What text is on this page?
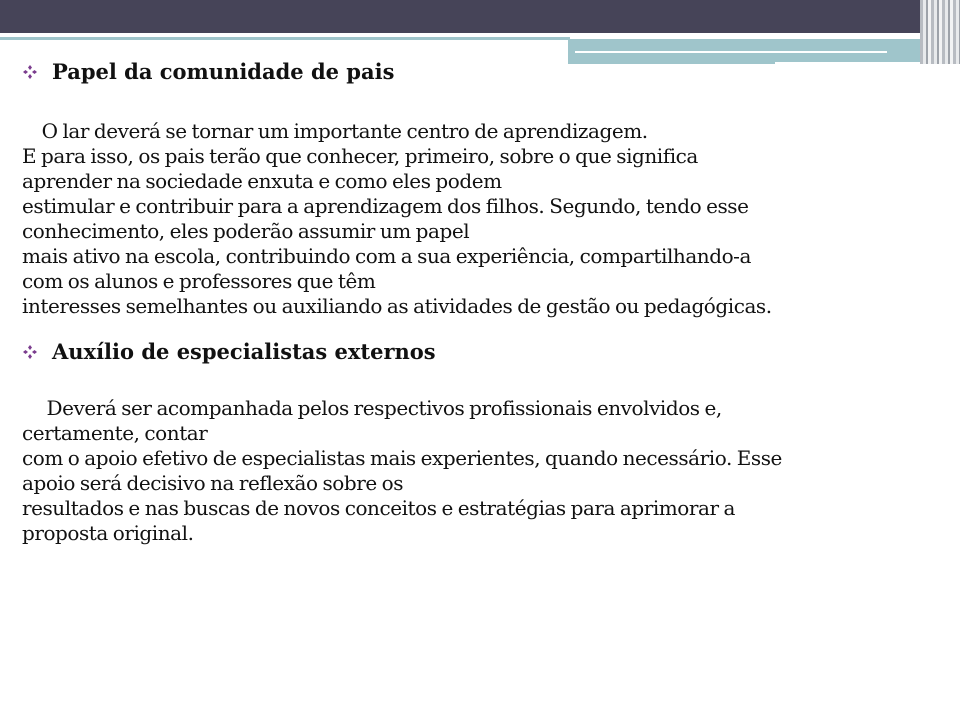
Papel da comunidade de pais

O lar deverá se tornar um importante centro de aprendizagem.
E para isso, os pais terão que conhecer, primeiro, sobre o que significa
aprender na sociedade enxuta e como eles podem
estimular e contribuir para a aprendizagem dos filhos. Segundo, tendo esse
conhecimento, eles poderão assumir um papel
mais ativo na escola, contribuindo com a sua experiência, compartilhando-a
com os alunos e professores que têm
interesses semelhantes ou auxiliando as atividades de gestão ou pedagógicas.

Auxílio de especialistas externos

Deverá ser acompanhada pelos respectivos profissionais envolvidos e,
certamente, contar
com o apoio efetivo de especialistas mais experientes, quando necessário. Esse
apoio será decisivo na reflexão sobre os
resultados e nas buscas de novos conceitos e estratégias para aprimorar a
proposta original.
